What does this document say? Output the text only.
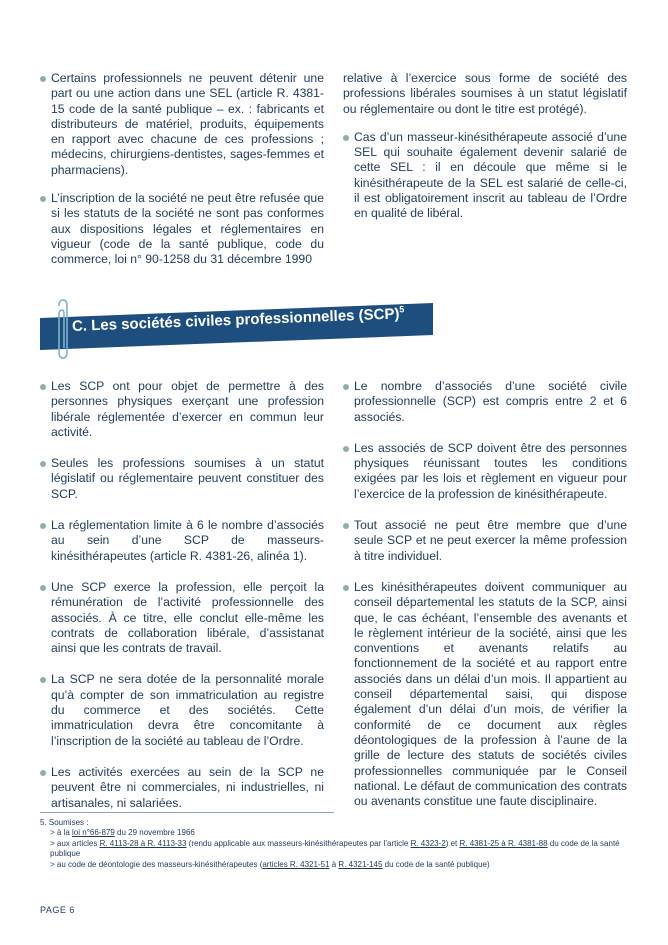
Certains professionnels ne peuvent détenir une part ou une action dans une SEL (article R. 4381-15 code de la santé publique – ex. : fabricants et distributeurs de matériel, produits, équipements en rapport avec chacune de ces professions ; médecins, chirurgiens-dentistes, sages-femmes et pharmaciens).
L’inscription de la société ne peut être refusée que si les statuts de la société ne sont pas conformes aux dispositions légales et réglementaires en vigueur (code de la santé publique, code du commerce, loi n° 90-1258 du 31 décembre 1990
relative à l’exercice sous forme de société des professions libérales soumises à un statut législatif ou réglementaire ou dont le titre est protégé).
Cas d’un masseur-kinésithérapeute associé d’une SEL qui souhaite également devenir salarié de cette SEL : il en découle que même si le kinésithérapeute de la SEL est salarié de celle-ci, il est obligatoirement inscrit au tableau de l’Ordre en qualité de libéral.
C. Les sociétés civiles professionnelles (SCP)$^5$
Les SCP ont pour objet de permettre à des personnes physiques exerçant une profession libérale réglementée d’exercer en commun leur activité.
Seules les professions soumises à un statut législatif ou réglementaire peuvent constituer des SCP.
La réglementation limite à 6 le nombre d’associés au sein d’une SCP de masseurs-kinésithérapeutes (article R. 4381-26, alinéa 1).
Une SCP exerce la profession, elle perçoit la rémunération de l’activité professionnelle des associés. À ce titre, elle conclut elle-même les contrats de collaboration libérale, d’assistanat ainsi que les contrats de travail.
La SCP ne sera dotée de la personnalité morale qu’à compter de son immatriculation au registre du commerce et des sociétés. Cette immatriculation devra être concomitante à l’inscription de la société au tableau de l’Ordre.
Les activités exercées au sein de la SCP ne peuvent être ni commerciales, ni industrielles, ni artisanales, ni salariées.
Le nombre d’associés d’une société civile professionnelle (SCP) est compris entre 2 et 6 associés.
Les associés de SCP doivent être des personnes physiques réunissant toutes les conditions exigées par les lois et règlement en vigueur pour l’exercice de la profession de kinésithérapeute.
Tout associé ne peut être membre que d’une seule SCP et ne peut exercer la même profession à titre individuel.
Les kinésithérapeutes doivent communiquer au conseil départemental les statuts de la SCP, ainsi que, le cas échéant, l’ensemble des avenants et le règlement intérieur de la société, ainsi que les conventions et avenants relatifs au fonctionnement de la société et au rapport entre associés dans un délai d’un mois. Il appartient au conseil départemental saisi, qui dispose également d’un délai d’un mois, de vérifier la conformité de ce document aux règles déontologiques de la profession à l’aune de la grille de lecture des statuts de sociétés civiles professionnelles communiquée par le Conseil national. Le défaut de communication des contrats ou avenants constitue une faute disciplinaire.
5. Soumises :
> à la loi n°66-879 du 29 novembre 1966
> aux articles R. 4113-28 à R. 4113-33 (rendu applicable aux masseurs-kinésithérapeutes par l’article R. 4323-2) et R. 4381-25 à R. 4381-88 du code de la santé publique
> au code de déontologie des masseurs-kinésithérapeutes (articles R. 4321-51 à R. 4321-145 du code de la santé publique)
PAGE 6
